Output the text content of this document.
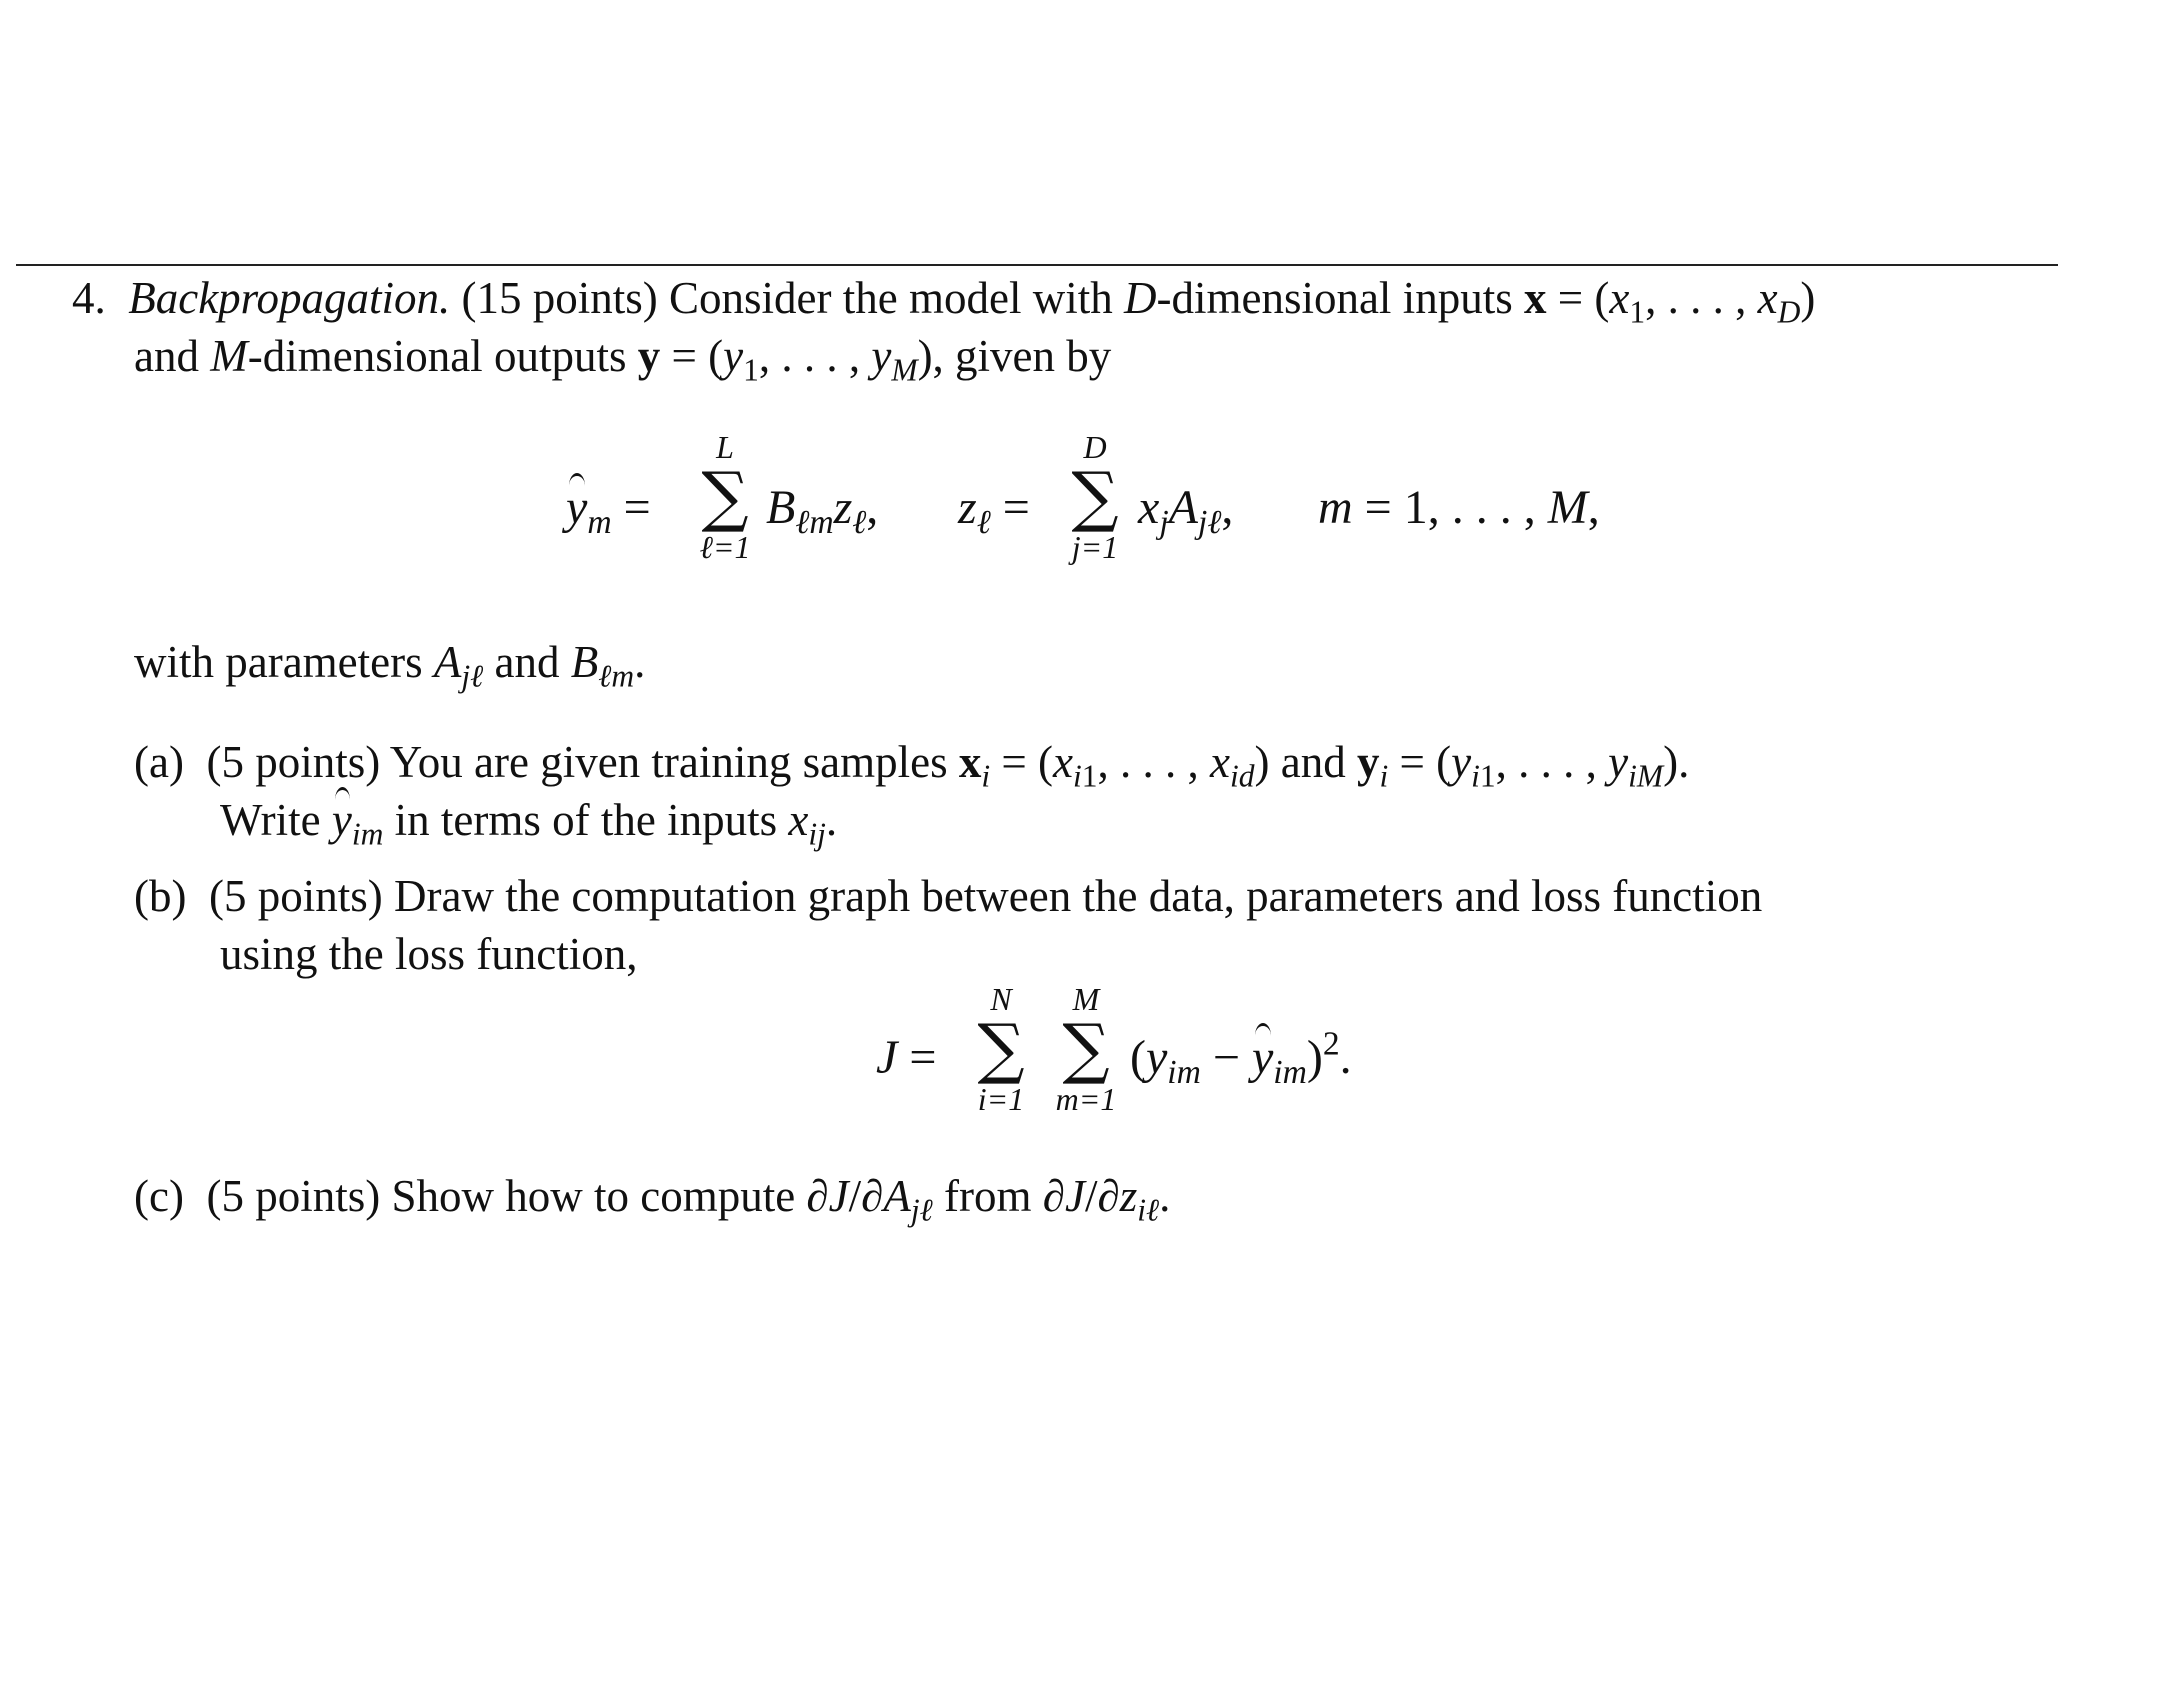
4. Backpropagation. (15 points) Consider the model with D-dimensional inputs $x = (x_1$, . . . , $x_D$)
and M-dimensional outputs $y = (y_1$, . . . , $y_M$), given by
$y_m$ =
L
∑
ℓ=1
$B_{\ell m}z_\ell$, $z_\ell$ =
D
∑
j=1
$x_jA_{j\ell}$, m = 1, . . . , M,
with parameters $A_{j\ell}$ and $B_{\ell m}$.
(a) (5 points) You are given training samples $x_i = (x_{i1}$, . . . , $x_{id}$) and $y_i = (y_{i1}$, . . . , $y_{iM}$).
Write $y_{im}$ in terms of the inputs $x_{ij}$.
(b) (5 points) Draw the computation graph between the data, parameters and loss function
using the loss function,
J =
N
∑
i=1
M
∑
m=1
$(y_{im} - y_{im})^2$.
(c) (5 points) Show how to compute $\partial J/\partial A_{j\ell}$ from $\partial J/\partial z_{i\ell}$.
